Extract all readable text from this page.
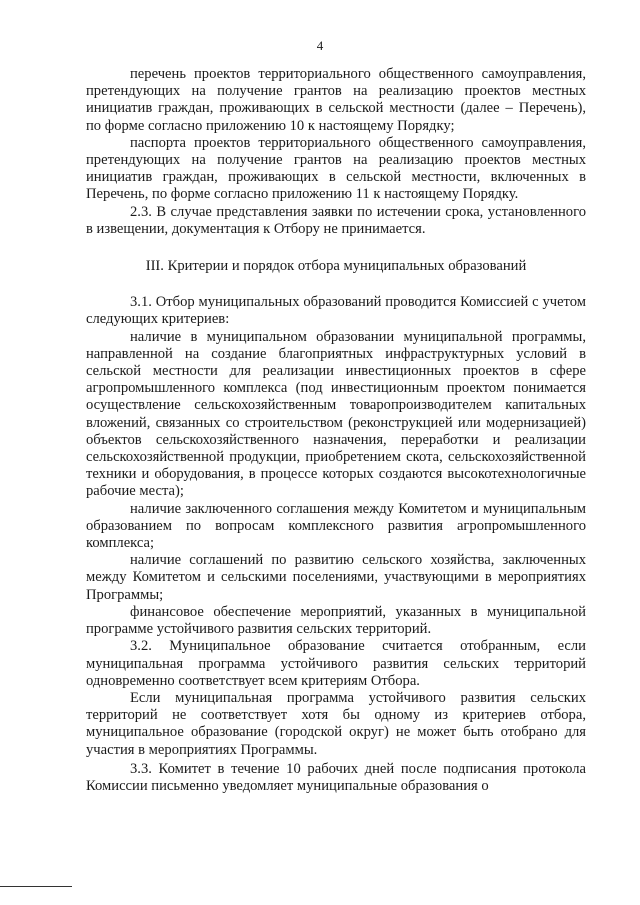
4

перечень проектов территориального общественного самоуправления, претендующих на получение грантов на реализацию проектов местных инициатив граждан, проживающих в сельской местности (далее – Перечень), по форме согласно приложению 10 к настоящему Порядку;

паспорта проектов территориального общественного самоуправления, претендующих на получение грантов на реализацию проектов местных инициатив граждан, проживающих в сельской местности, включенных в Перечень, по форме согласно приложению 11 к настоящему Порядку.

2.3. В случае представления заявки по истечении срока, установленного в извещении, документация к Отбору не принимается.

III. Критерии и порядок отбора муниципальных образований

3.1. Отбор муниципальных образований проводится Комиссией с учетом следующих критериев:

наличие в муниципальном образовании муниципальной программы, направленной на создание благоприятных инфраструктурных условий в сельской местности для реализации инвестиционных проектов в сфере агропромышленного комплекса (под инвестиционным проектом понимается осуществление сельскохозяйственным товаропроизводителем капитальных вложений, связанных со строительством (реконструкцией или модернизацией) объектов сельскохозяйственного назначения, переработки и реализации сельскохозяйственной продукции, приобретением скота, сельскохозяйственной техники и оборудования, в процессе которых создаются высокотехнологичные рабочие места);

наличие заключенного соглашения между Комитетом и муниципальным образованием по вопросам комплексного развития агропромышленного комплекса;

наличие соглашений по развитию сельского хозяйства, заключенных между Комитетом и сельскими поселениями, участвующими в мероприятиях Программы;

финансовое обеспечение мероприятий, указанных в муниципальной программе устойчивого развития сельских территорий.

3.2. Муниципальное образование считается отобранным, если муниципальная программа устойчивого развития сельских территорий одновременно соответствует всем критериям Отбора.

Если муниципальная программа устойчивого развития сельских территорий не соответствует хотя бы одному из критериев отбора, муниципальное образование (городской округ) не может быть отобрано для участия в мероприятиях Программы.

3.3. Комитет в течение 10 рабочих дней после подписания протокола Комиссии письменно уведомляет муниципальные образования о
